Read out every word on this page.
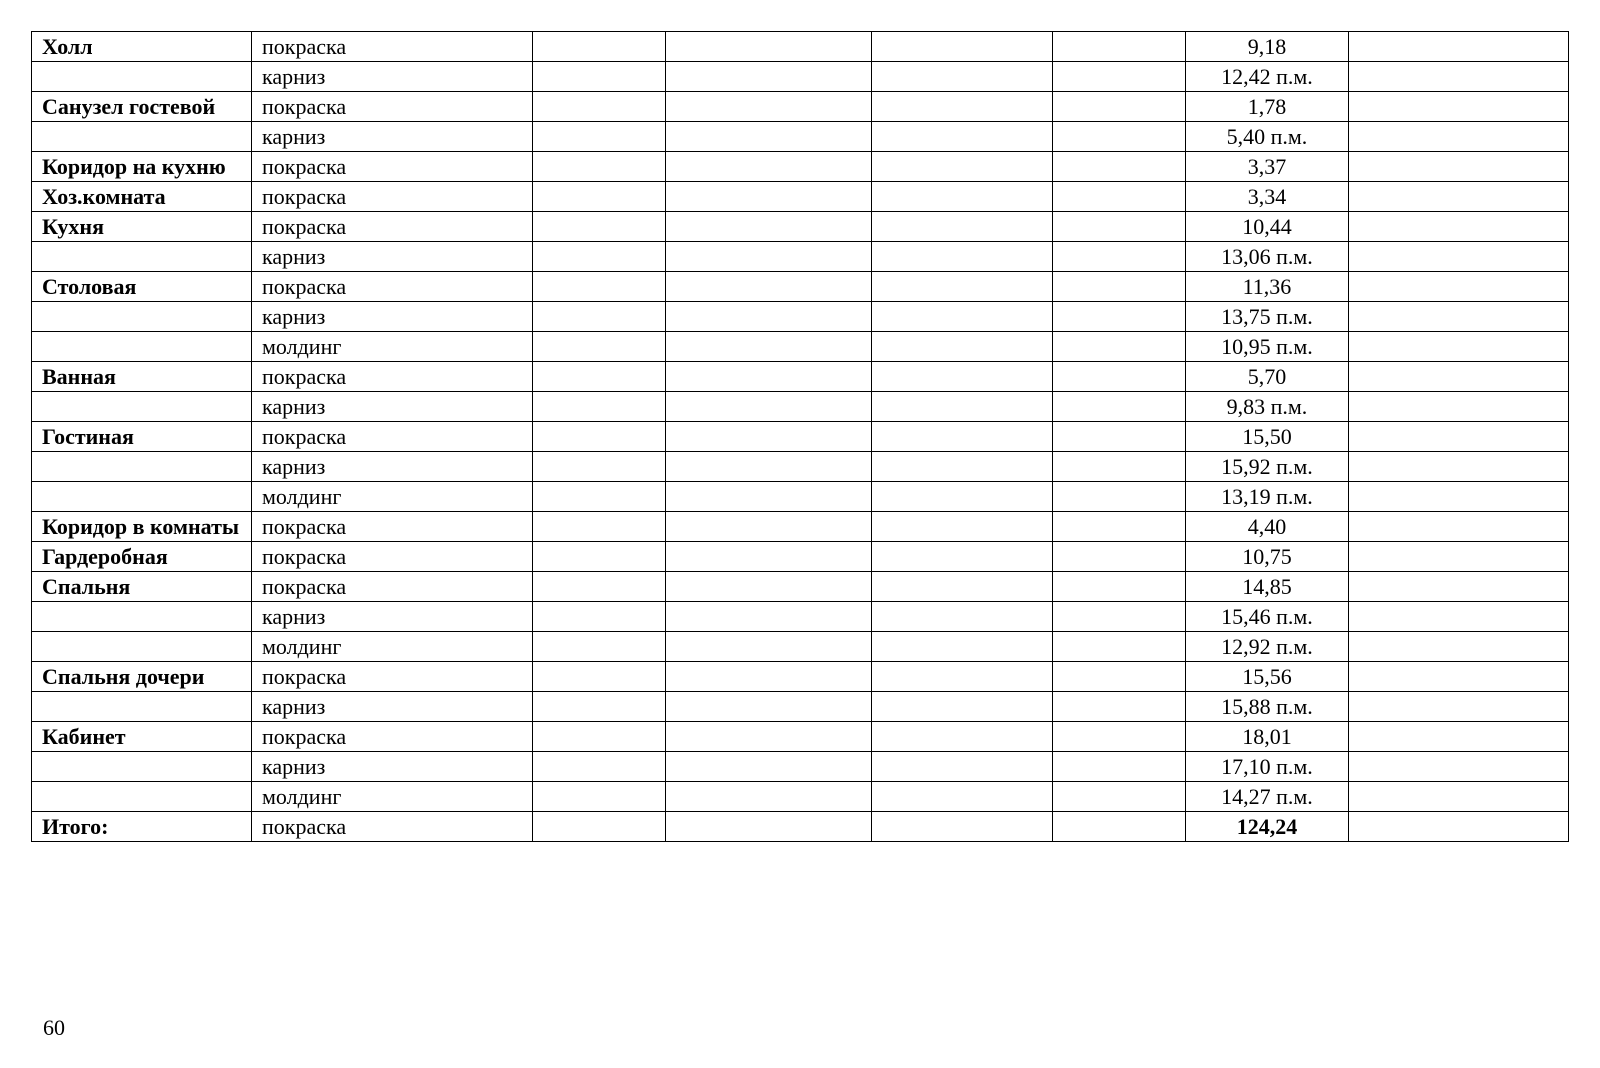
Холл	покраска					9,18	
	карниз					12,42 п.м.	
Санузел гостевой	покраска					1,78	
	карниз					5,40 п.м.	
Коридор на кухню	покраска					3,37	
Хоз.комната	покраска					3,34	
Кухня	покраска					10,44	
	карниз					13,06 п.м.	
Столовая	покраска					11,36	
	карниз					13,75 п.м.	
	молдинг					10,95 п.м.	
Ванная	покраска					5,70	
	карниз					9,83 п.м.	
Гостиная	покраска					15,50	
	карниз					15,92 п.м.	
	молдинг					13,19 п.м.	
Коридор в комнаты	покраска					4,40	
Гардеробная	покраска					10,75	
Спальня	покраска					14,85	
	карниз					15,46 п.м.	
	молдинг					12,92 п.м.	
Спальня дочери	покраска					15,56	
	карниз					15,88 п.м.	
Кабинет	покраска					18,01	
	карниз					17,10 п.м.	
	молдинг					14,27 п.м.	
Итого:	покраска					124,24	
60
